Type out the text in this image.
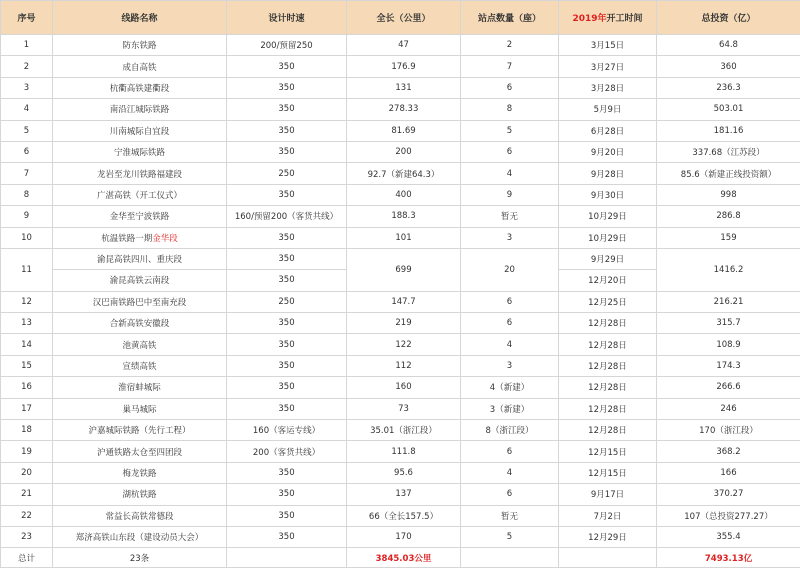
序号	线路名称	设计时速	全长（公里）	站点数量（座）	2019年开工时间	总投资（亿）
1	防东铁路	200/预留250	47	2	3月15日	64.8
2	成自高铁	350	176.9	7	3月27日	360
3	杭衢高铁建衢段	350	131	6	3月28日	236.3
4	南沿江城际铁路	350	278.33	8	5月9日	503.01
5	川南城际自宜段	350	81.69	5	6月28日	181.16
6	宁淮城际铁路	350	200	6	9月20日	337.68（江苏段）
7	龙岩至龙川铁路福建段	250	92.7（新建64.3）	4	9月28日	85.6（新建正线投资额）
8	广湛高铁（开工仪式）	350	400	9	9月30日	998
9	金华至宁波铁路	160/预留200（客货共线）	188.3	暂无	10月29日	286.8
10	杭温铁路一期金华段	350	101	3	10月29日	159
11	渝昆高铁四川、重庆段	350	699	20	9月29日	1416.2
	渝昆高铁云南段	350			12月20日	
12	汉巴南铁路巴中至南充段	250	147.7	6	12月25日	216.21
13	合新高铁安徽段	350	219	6	12月28日	315.7
14	池黄高铁	350	122	4	12月28日	108.9
15	宣绩高铁	350	112	3	12月28日	174.3
16	淮宿蚌城际	350	160	4（新建）	12月28日	266.6
17	巢马城际	350	73	3（新建）	12月28日	246
18	沪嘉城际铁路（先行工程）	160（客运专线）	35.01（浙江段）	8（浙江段）	12月28日	170（浙江段）
19	沪通铁路太仓至四团段	200（客货共线）	111.8	6	12月15日	368.2
20	梅龙铁路	350	95.6	4	12月15日	166
21	湖杭铁路	350	137	6	9月17日	370.27
22	常益长高铁常德段	350	66（全长157.5）	暂无	7月2日	107（总投资277.27）
23	郑济高铁山东段（建设动员大会）	350	170	5	12月29日	355.4
总计	23条		3845.03公里			7493.13亿
